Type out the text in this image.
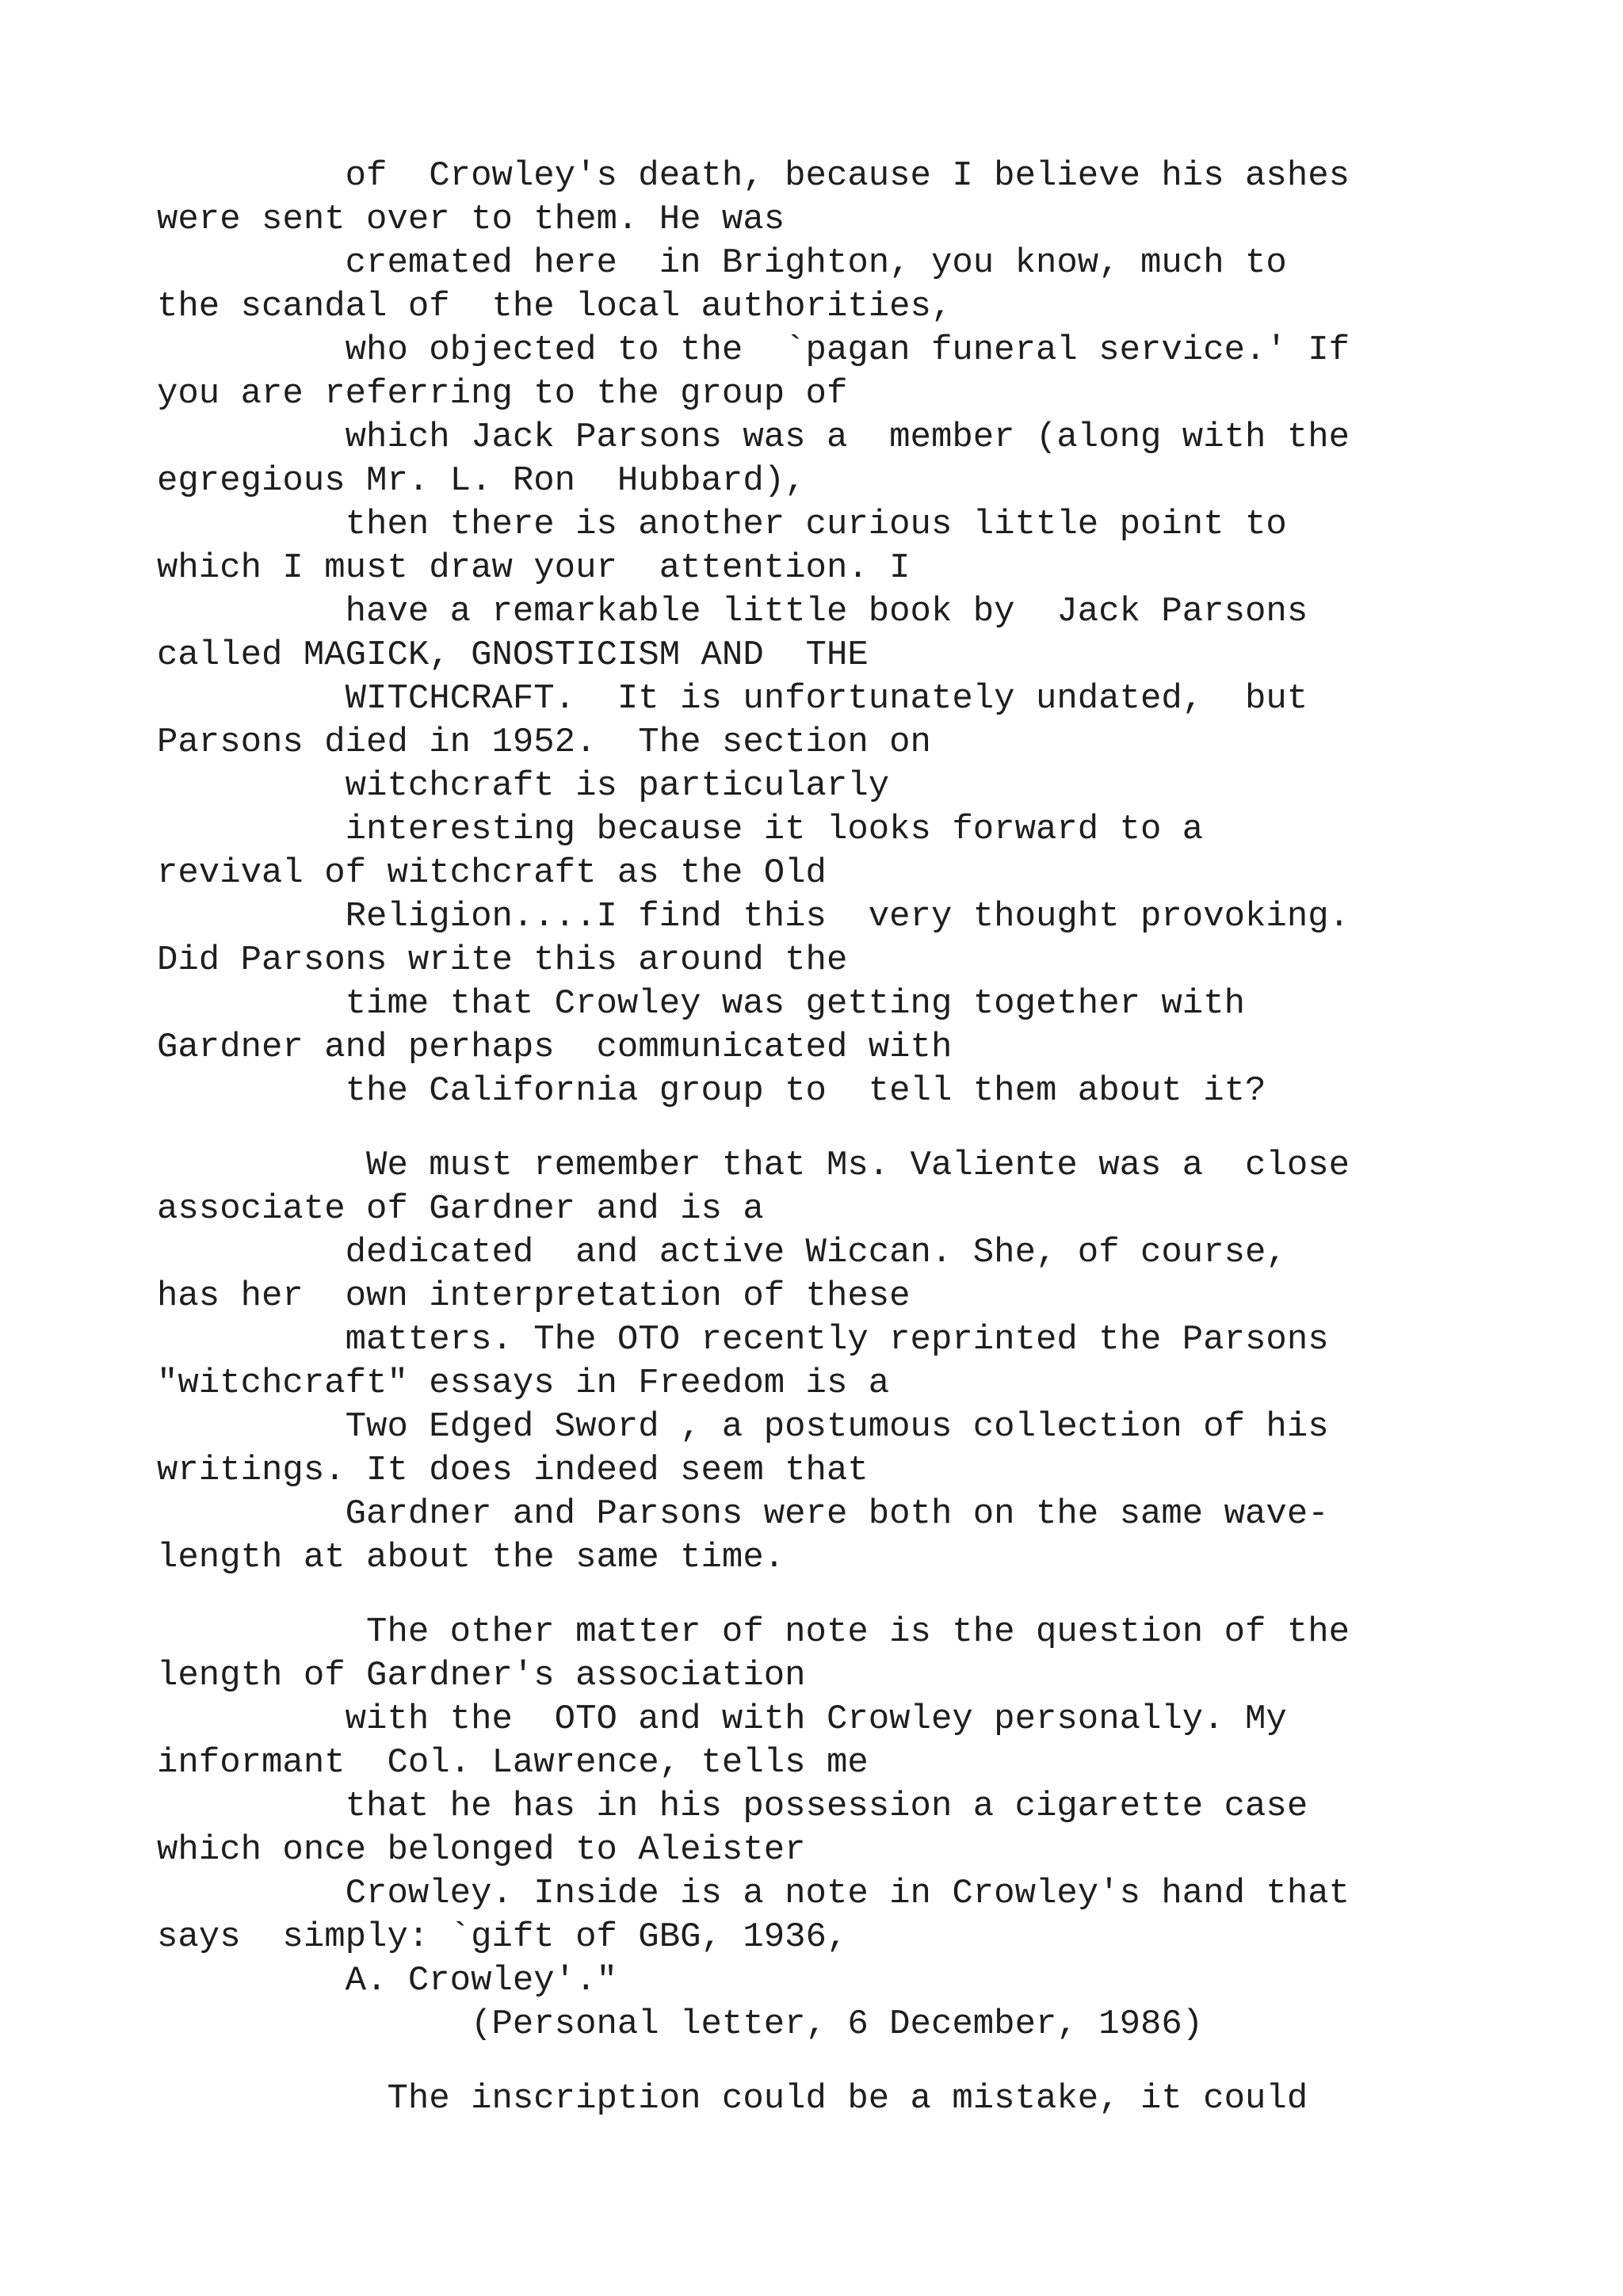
of  Crowley's death, because I believe his ashes
were sent over to them. He was
cremated here  in Brighton, you know, much to
the scandal of  the local authorities,
who objected to the  `pagan funeral service.' If
you are referring to the group of
which Jack Parsons was a  member (along with the
egregious Mr. L. Ron  Hubbard),
then there is another curious little point to
which I must draw your  attention. I
have a remarkable little book by  Jack Parsons
called MAGICK, GNOSTICISM AND  THE
WITCHCRAFT.  It is unfortunately undated,  but
Parsons died in 1952.  The section on
witchcraft is particularly
interesting because it looks forward to a
revival of witchcraft as the Old
Religion....I find this  very thought provoking.
Did Parsons write this around the
time that Crowley was getting together with
Gardner and perhaps  communicated with
the California group to  tell them about it?
We must remember that Ms. Valiente was a  close
associate of Gardner and is a
dedicated  and active Wiccan. She, of course,
has her  own interpretation of these
matters. The OTO recently reprinted the Parsons
"witchcraft" essays in Freedom is a
Two Edged Sword , a postumous collection of his
writings. It does indeed seem that
Gardner and Parsons were both on the same wave-
length at about the same time.
The other matter of note is the question of the
length of Gardner's association
with the  OTO and with Crowley personally. My
informant  Col. Lawrence, tells me
that he has in his possession a cigarette case
which once belonged to Aleister
Crowley. Inside is a note in Crowley's hand that
says  simply: `gift of GBG, 1936,
A. Crowley'."
(Personal letter, 6 December, 1986)
The inscription could be a mistake, it could
